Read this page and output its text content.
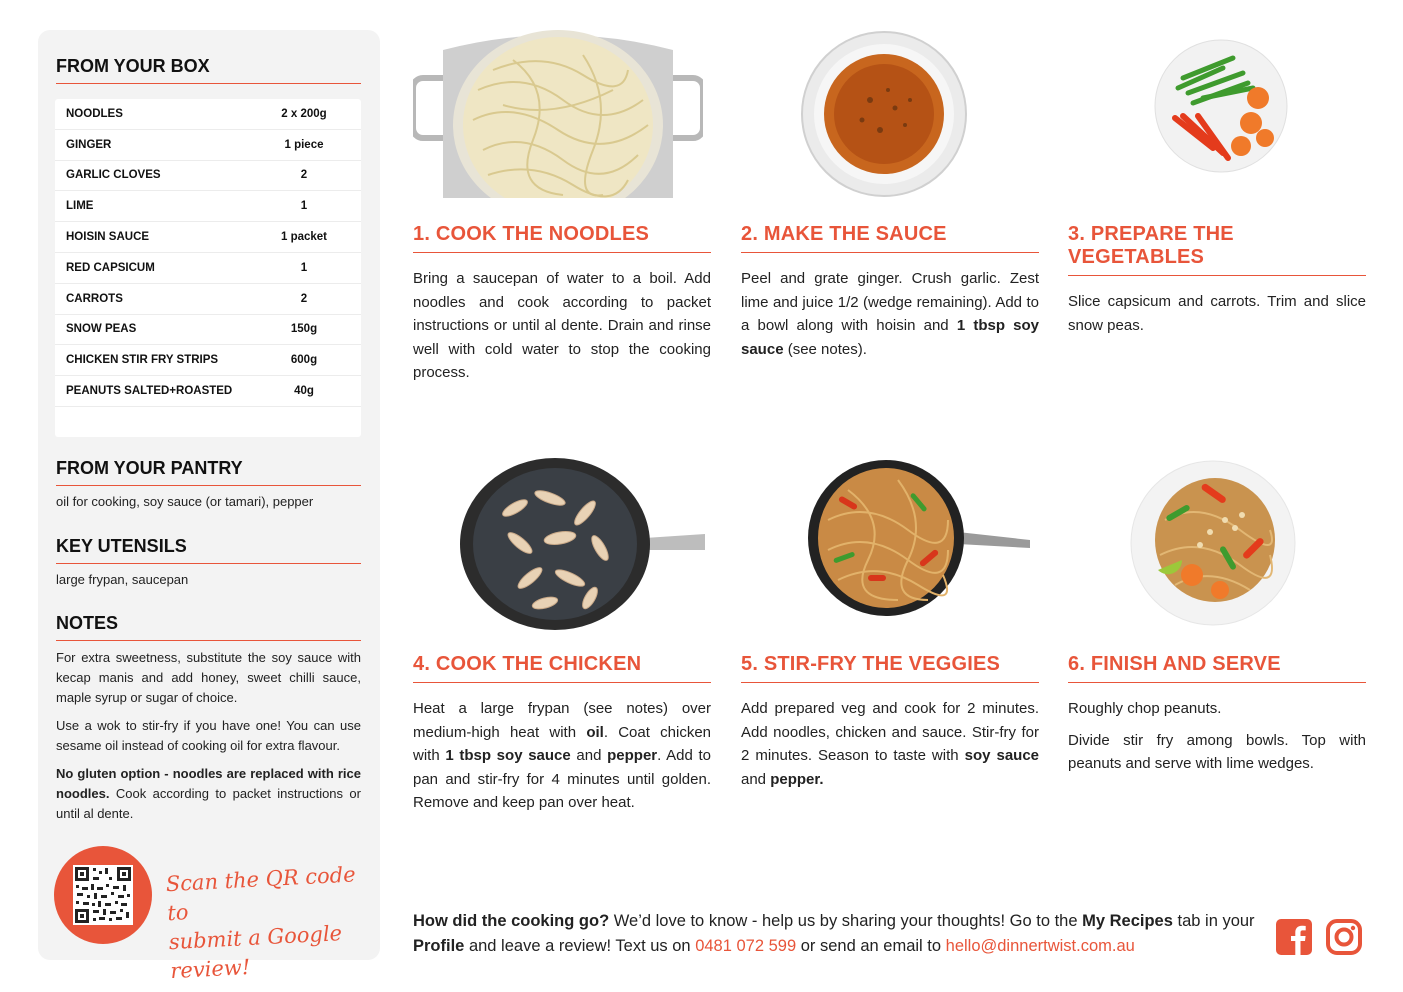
FROM YOUR BOX
NOODLES	2 x 200g
GINGER	1 piece
GARLIC CLOVES	2
LIME	1
HOISIN SAUCE	1 packet
RED CAPSICUM	1
CARROTS	2
SNOW PEAS	150g
CHICKEN STIR FRY STRIPS	600g
PEANUTS SALTED+ROASTED	40g
FROM YOUR PANTRY
oil for cooking, soy sauce (or tamari), pepper
KEY UTENSILS
large frypan, saucepan
NOTES

For extra sweetness, substitute the soy sauce with kecap manis and add honey, sweet chilli sauce, maple syrup or sugar of choice.

Use a wok to stir-fry if you have one! You can use sesame oil instead of cooking oil for extra flavour.

No gluten option - noodles are replaced with rice noodles. Cook according to packet instructions or until al dente.

Scan the QR code to
submit a Google review!
1. COOK THE NOODLES

Bring a saucepan of water to a boil. Add noodles and cook according to packet instructions or until al dente. Drain and rinse well with cold water to stop the cooking process.

2. MAKE THE SAUCE

Peel and grate ginger. Crush garlic. Zest lime and juice 1/2 (wedge remaining). Add to a bowl along with hoisin and 1 tbsp soy sauce (see notes).

3. PREPARE THE VEGETABLES

Slice capsicum and carrots. Trim and slice snow peas.

4. COOK THE CHICKEN

Heat a large frypan (see notes) over medium-high heat with oil. Coat chicken with 1 tbsp soy sauce and pepper. Add to pan and stir-fry for 4 minutes until golden. Remove and keep pan over heat.

5. STIR-FRY THE VEGGIES

Add prepared veg and cook for 2 minutes. Add noodles, chicken and sauce. Stir-fry for 2 minutes. Season to taste with soy sauce and pepper.

6. FINISH AND SERVE

Roughly chop peanuts.

Divide stir fry among bowls. Top with peanuts and serve with lime wedges.

How did the cooking go? We’d love to know - help us by sharing your thoughts! Go to the My Recipes tab in your Profile and leave a review! Text us on 0481 072 599 or send an email to hello@dinnertwist.com.au
